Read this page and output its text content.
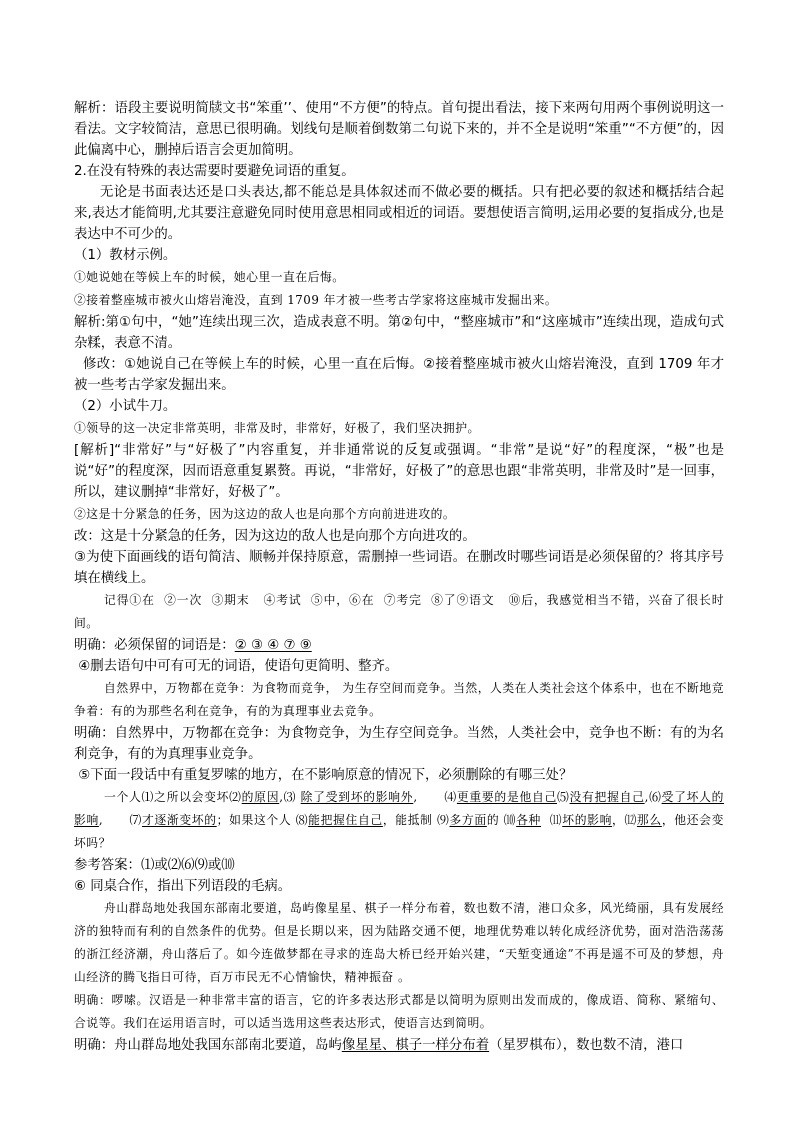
解析：语段主要说明简牍文书“笨重’’、使用“不方便”的特点。首句提出看法，接下来两句用两个事例说明这一看法。文字较简洁，意思已很明确。划线句是顺着倒数第二句说下来的，并不全是说明“笨重”“不方便”的，因此偏离中心，删掉后语言会更加简明。

2.在没有特殊的表达需要时要避免词语的重复。

无论是书面表达还是口头表达,都不能总是具体叙述而不做必要的概括。只有把必要的叙述和概括结合起来,表达才能简明,尤其要注意避免同时使用意思相同或相近的词语。要想使语言简明,运用必要的复指成分,也是表达中不可少的。

（1）教材示例。

①她说她在等候上车的时候，她心里一直在后悔。

②接着整座城市被火山熔岩淹没，直到 1709 年才被一些考古学家将这座城市发掘出来。

解析:第①句中，“她”连续出现三次，造成表意不明。第②句中，“整座城市”和“这座城市”连续出现，造成句式杂糅，表意不清。

修改：①她说自己在等候上车的时候，心里一直在后悔。②接着整座城市被火山熔岩淹没，直到 1709 年才被一些考古学家发掘出来。

（2）小试牛刀。

①领导的这一决定非常英明，非常及时，非常好，好极了，我们坚决拥护。

[解析]“非常好”与“好极了”内容重复，并非通常说的反复或强调。“非常”是说“好”的程度深，“极”也是说“好”的程度深，因而语意重复累赘。再说，“非常好，好极了”的意思也跟“非常英明，非常及时”是一回事，所以，建议删掉“非常好，好极了”。

②这是十分紧急的任务，因为这边的敌人也是向那个方向前进进攻的。

改：这是十分紧急的任务，因为这边的敌人也是向那个方向进攻的。

③为使下面画线的语句简洁、顺畅并保持原意，需删掉一些词语。在删改时哪些词语是必须保留的？将其序号填在横线上。

记得①在  ②一次  ③期末   ④考试  ⑤中，⑥在  ⑦考完  ⑧了⑨语文   ⑩后，我感觉相当不错，兴奋了很长时间。

明确：必须保留的词语是：② ③ ④ ⑦ ⑨

④删去语句中可有可无的词语，使语句更简明、整齐。

自然界中，万物都在竞争：为食物而竞争， 为生存空间而竞争。当然，人类在人类社会这个体系中，也在不断地竞争着：有的为那些名利在竞争，有的为真理事业去竞争。

明确：自然界中，万物都在竞争：为食物竞争，为生存空间竞争。当然，人类社会中，竞争也不断：有的为名利竞争，有的为真理事业竞争。

⑤下面一段话中有重复罗嗦的地方，在不影响原意的情况下，必须删除的有哪三处？

一个人⑴之所以会变坏⑵的原因,⑶ 除了受到坏的影响外,      ⑷更重要的是他自己⑸没有把握自己,⑹受了坏人的影响,      ⑺才逐渐变坏的；如果这个人 ⑻能把握住自己，能抵制 ⑼多方面的 ⑽各种  ⑾坏的影响，⑿那么，他还会变坏吗？

参考答案：⑴或⑵⑹⑼或⑽

⑥ 同桌合作，指出下列语段的毛病。

舟山群岛地处我国东部南北要道，岛屿像星星、棋子一样分布着，数也数不清，港口众多，风光绮丽，具有发展经济的独特而有利的自然条件的优势。但是长期以来，因为陆路交通不便，地理优势难以转化成经济优势，面对浩浩荡荡的浙江经济潮，舟山落后了。如今连做梦都在寻求的连岛大桥已经开始兴建，“天堑变通途”不再是遥不可及的梦想，舟山经济的腾飞指日可待，百万市民无不心情愉快，精神振奋 。

明确：啰嗦。汉语是一种非常丰富的语言，它的许多表达形式都是以简明为原则出发而成的，像成语、简称、紧缩句、合说等。我们在运用语言时，可以适当选用这些表达形式，使语言达到简明。

明确：舟山群岛地处我国东部南北要道，岛屿像星星、棋子一样分布着（星罗棋布），数也数不清，港口
